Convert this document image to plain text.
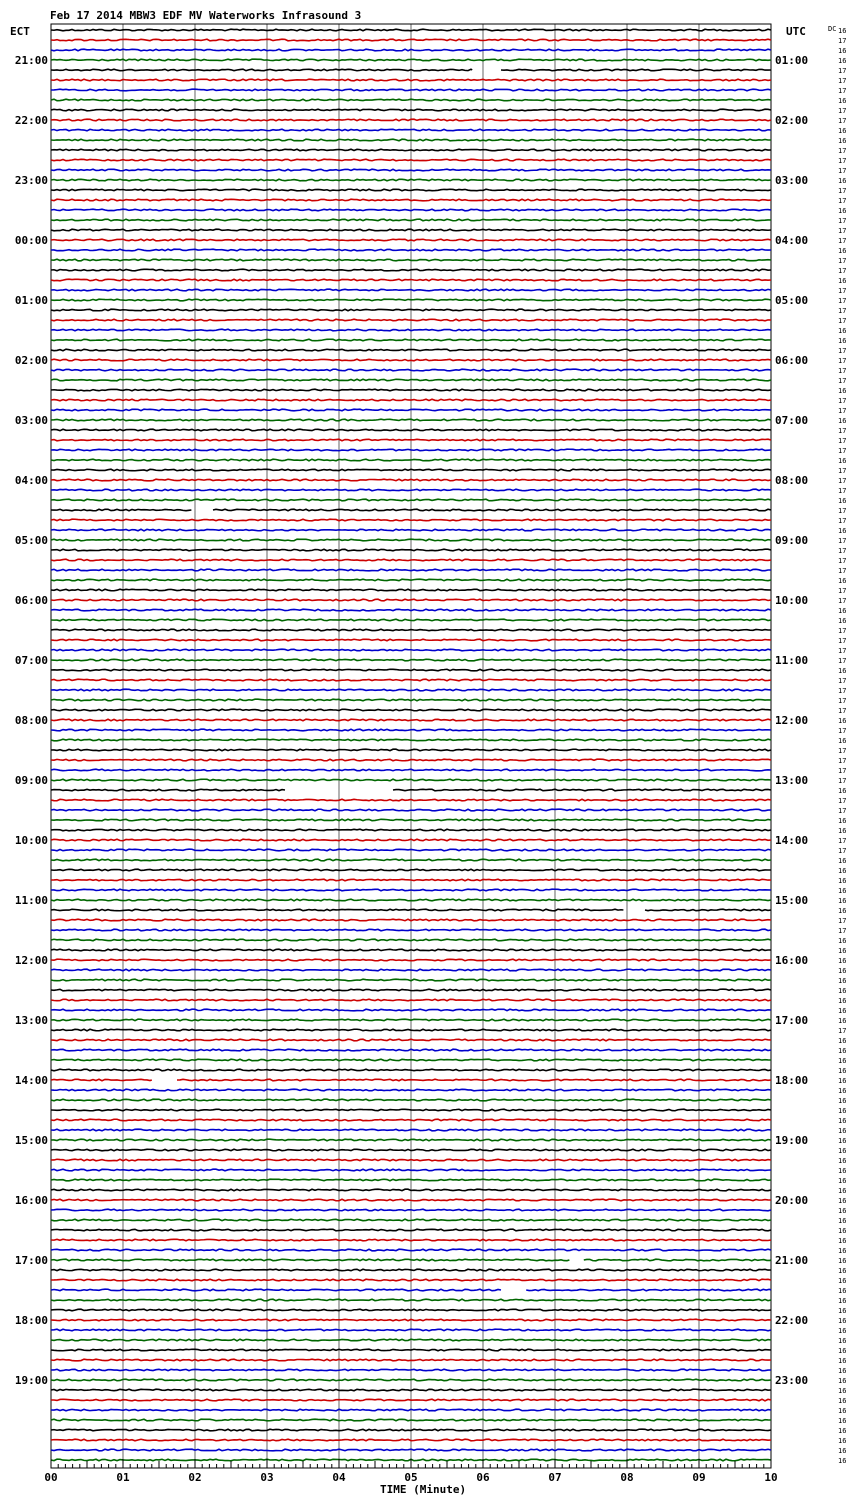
Feb 17 2014 MBW3 EDF MV Waterworks Infrasound 3
ECT	UTC
TIME (Minute)
21:00
22:00
23:00
00:00
01:00
02:00
03:00
04:00
05:00
06:00
07:00
08:00
09:00
10:00
11:00
12:00
13:00
14:00
15:00
16:00
17:00
18:00
19:00
01:00
02:00
03:00
04:00
05:00
06:00
07:00
08:00
09:00
10:00
11:00
12:00
13:00
14:00
15:00
16:00
17:00
18:00
19:00
20:00
21:00
22:00
23:00
DC 16
17
16
16
17
17
17
16
17
17
16
16
17
17
17
16
17
17
16
17
17
17
16
17
17
16
17
17
17
17
16
16
17
17
17
17
16
17
17
16
17
17
17
16
17
17
17
16
17
17
16
17
17
17
17
16
17
17
16
16
17
17
17
17
16
17
17
17
17
16
17
16
17
17
17
17
16
17
17
16
16
17
17
16
16
16
16
16
16
17
17
16
16
16
16
16
16
16
16
16
17
16
16
16
16
16
16
16
16
16
16
16
16
16
16
16
16
16
16
16
16
16
16
16
16
16
16
16
16
16
16
16
16
16
16
16
16
16
16
16
16
16
16
16
00	01	02	03	04	05	06	07	08	09	10
